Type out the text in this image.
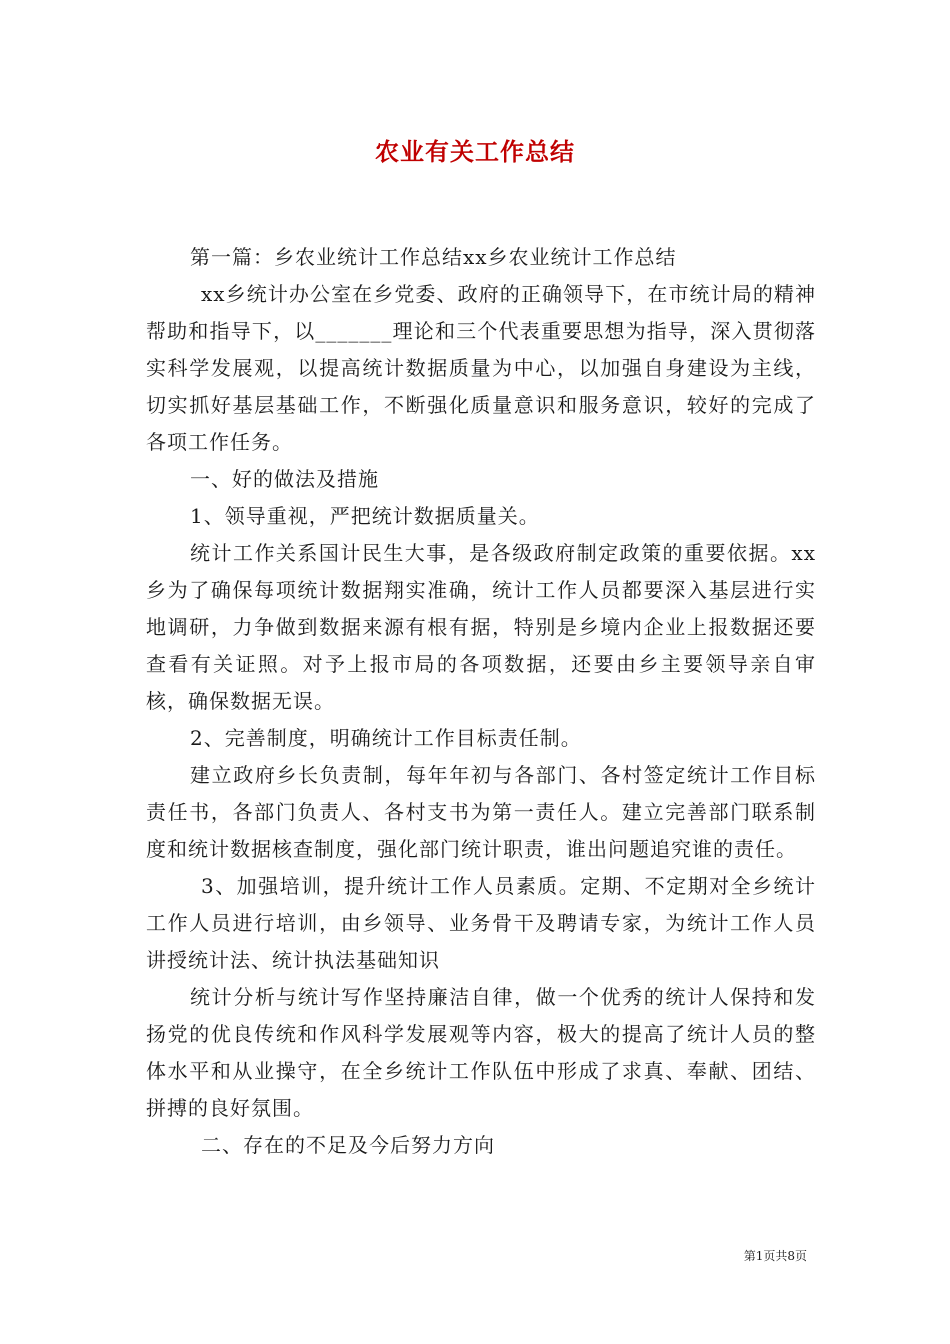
农业有关工作总结

第一篇：乡农业统计工作总结xx乡农业统计工作总结

xx乡统计办公室在乡党委、政府的正确领导下，在市统计局的精神帮助和指导下，以_______理论和三个代表重要思想为指导，深入贯彻落实科学发展观，以提高统计数据质量为中心，以加强自身建设为主线，切实抓好基层基础工作，不断强化质量意识和服务意识，较好的完成了各项工作任务。

一、好的做法及措施

1、领导重视，严把统计数据质量关。

统计工作关系国计民生大事，是各级政府制定政策的重要依据。xx乡为了确保每项统计数据翔实准确，统计工作人员都要深入基层进行实地调研，力争做到数据来源有根有据，特别是乡境内企业上报数据还要查看有关证照。对予上报市局的各项数据，还要由乡主要领导亲自审核，确保数据无误。

2、完善制度，明确统计工作目标责任制。

建立政府乡长负责制，每年年初与各部门、各村签定统计工作目标责任书，各部门负责人、各村支书为第一责任人。建立完善部门联系制度和统计数据核查制度，强化部门统计职责，谁出问题追究谁的责任。

3、加强培训，提升统计工作人员素质。定期、不定期对全乡统计工作人员进行培训，由乡领导、业务骨干及聘请专家，为统计工作人员讲授统计法、统计执法基础知识

统计分析与统计写作坚持廉洁自律，做一个优秀的统计人保持和发扬党的优良传统和作风科学发展观等内容，极大的提高了统计人员的整体水平和从业操守，在全乡统计工作队伍中形成了求真、奉献、团结、拼搏的良好氛围。

二、存在的不足及今后努力方向

第1页共8页
